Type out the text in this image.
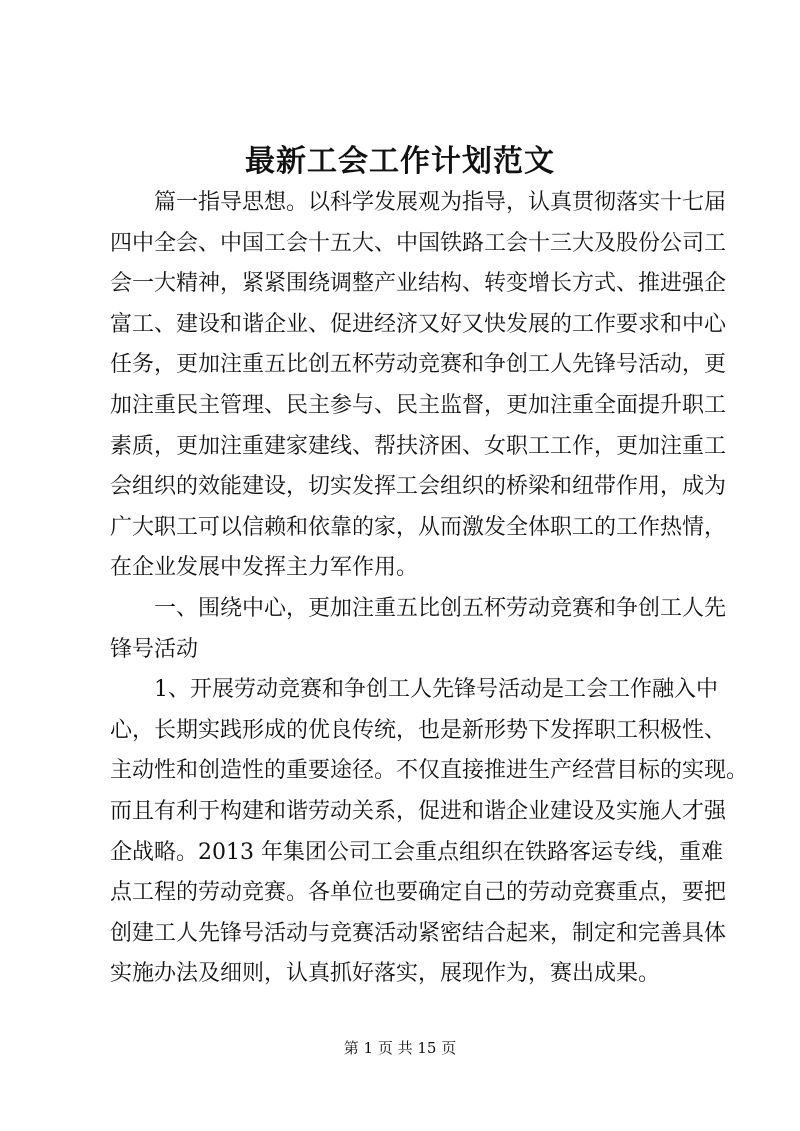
最新工会工作计划范文
篇一指导思想。以科学发展观为指导，认真贯彻落实十七届
四中全会、中国工会十五大、中国铁路工会十三大及股份公司工
会一大精神，紧紧围绕调整产业结构、转变增长方式、推进强企
富工、建设和谐企业、促进经济又好又快发展的工作要求和中心
任务，更加注重五比创五杯劳动竞赛和争创工人先锋号活动，更
加注重民主管理、民主参与、民主监督，更加注重全面提升职工
素质，更加注重建家建线、帮扶济困、女职工工作，更加注重工
会组织的效能建设，切实发挥工会组织的桥梁和纽带作用，成为
广大职工可以信赖和依靠的家，从而激发全体职工的工作热情，
在企业发展中发挥主力军作用。
一、围绕中心，更加注重五比创五杯劳动竞赛和争创工人先
锋号活动
1、开展劳动竞赛和争创工人先锋号活动是工会工作融入中
心，长期实践形成的优良传统，也是新形势下发挥职工积极性、
主动性和创造性的重要途径。不仅直接推进生产经营目标的实现。
而且有利于构建和谐劳动关系，促进和谐企业建设及实施人才强
企战略。2013 年集团公司工会重点组织在铁路客运专线，重难
点工程的劳动竞赛。各单位也要确定自己的劳动竞赛重点，要把
创建工人先锋号活动与竞赛活动紧密结合起来，制定和完善具体
实施办法及细则，认真抓好落实，展现作为，赛出成果。
第 1 页 共 15 页
